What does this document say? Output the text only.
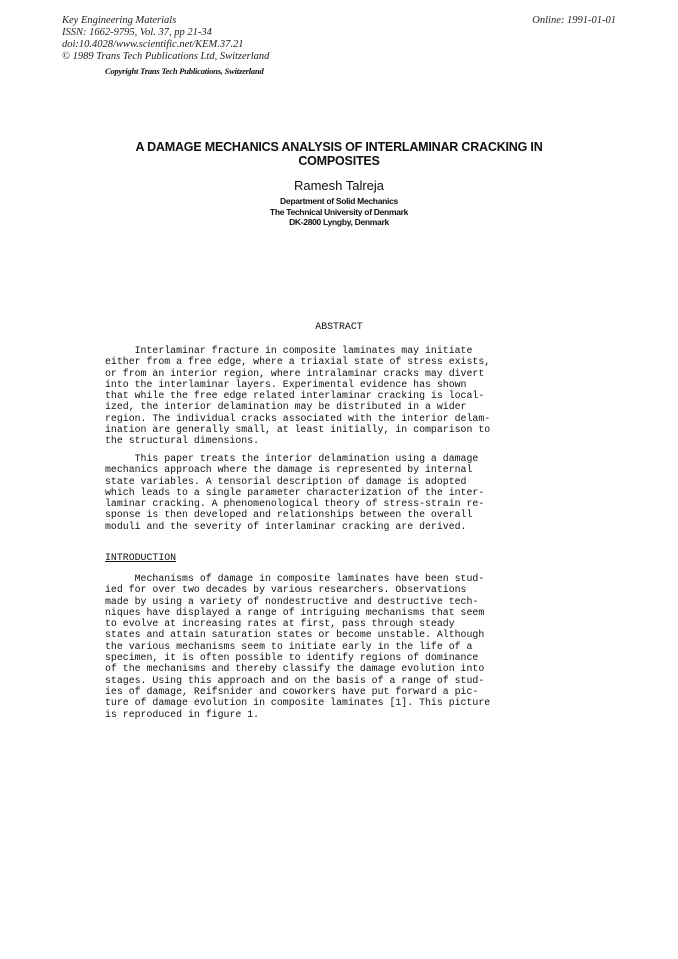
Key Engineering Materials
ISSN: 1662-9795, Vol. 37, pp 21-34
doi:10.4028/www.scientific.net/KEM.37.21
© 1989 Trans Tech Publications Ltd, Switzerland
Online: 1991-01-01
Copyright Trans Tech Publications, Switzerland
A DAMAGE MECHANICS ANALYSIS OF INTERLAMINAR CRACKING IN
COMPOSITES
Ramesh Talreja
Department of Solid Mechanics
The Technical University of Denmark
DK-2800 Lyngby, Denmark
ABSTRACT
Interlaminar fracture in composite laminates may initiate
either from a free edge, where a triaxial state of stress exists,
or from an interior region, where intralaminar cracks may divert
into the interlaminar layers. Experimental evidence has shown
that while the free edge related interlaminar cracking is local-
ized, the interior delamination may be distributed in a wider
region. The individual cracks associated with the interior delam-
ination are generally small, at least initially, in comparison to
the structural dimensions.
This paper treats the interior delamination using a damage
mechanics approach where the damage is represented by internal
state variables. A tensorial description of damage is adopted
which leads to a single parameter characterization of the inter-
laminar cracking. A phenomenological theory of stress-strain re-
sponse is then developed and relationships between the overall
moduli and the severity of interlaminar cracking are derived.
INTRODUCTION
Mechanisms of damage in composite laminates have been stud-
ied for over two decades by various researchers. Observations
made by using a variety of nondestructive and destructive tech-
niques have displayed a range of intriguing mechanisms that seem
to evolve at increasing rates at first, pass through steady
states and attain saturation states or become unstable. Although
the various mechanisms seem to initiate early in the life of a
specimen, it is often possible to identify regions of dominance
of the mechanisms and thereby classify the damage evolution into
stages. Using this approach and on the basis of a range of stud-
ies of damage, Reifsnider and coworkers have put forward a pic-
ture of damage evolution in composite laminates [1]. This picture
is reproduced in figure 1.
